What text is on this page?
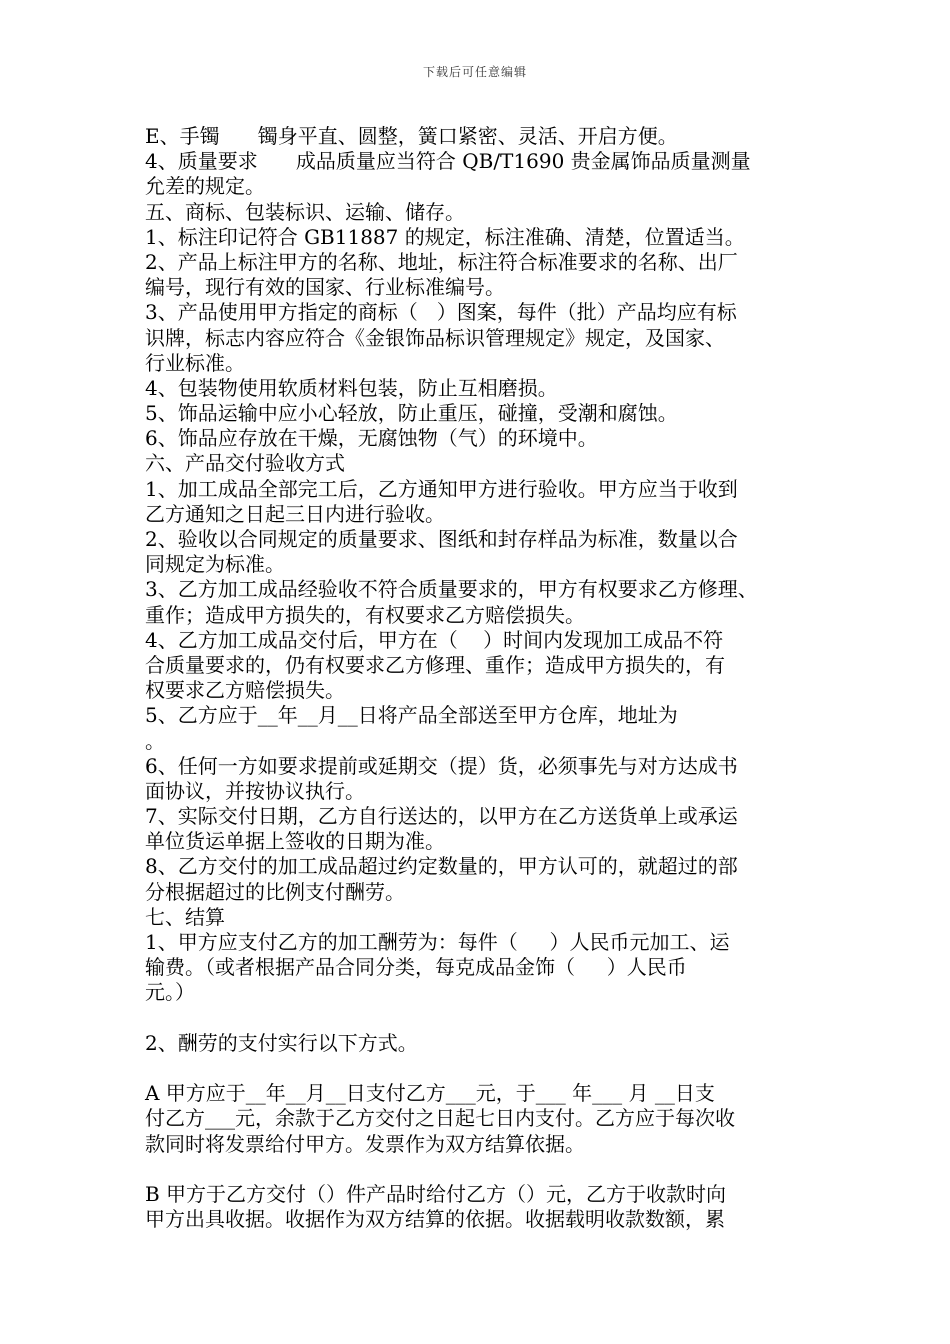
下载后可任意编辑
E、手镯      镯身平直、圆整，簧口紧密、灵活、开启方便。
4、质量要求      成品质量应当符合 QB/T1690 贵金属饰品质量测量
允差的规定。
五、商标、包装标识、运输、储存。
1、标注印记符合 GB11887 的规定，标注准确、清楚，位置适当。
2、产品上标注甲方的名称、地址，标注符合标准要求的名称、出厂
编号，现行有效的国家、行业标准编号。
3、产品使用甲方指定的商标（   ）图案，每件（批）产品均应有标
识牌，标志内容应符合《金银饰品标识管理规定》规定，及国家、
行业标准。
4、包装物使用软质材料包装，防止互相磨损。
5、饰品运输中应小心轻放，防止重压，碰撞，受潮和腐蚀。
6、饰品应存放在干燥，无腐蚀物（气）的环境中。
六、产品交付验收方式
1、加工成品全部完工后，乙方通知甲方进行验收。甲方应当于收到
乙方通知之日起三日内进行验收。
2、验收以合同规定的质量要求、图纸和封存样品为标准，数量以合
同规定为标准。
3、乙方加工成品经验收不符合质量要求的，甲方有权要求乙方修理、
重作；造成甲方损失的，有权要求乙方赔偿损失。
4、乙方加工成品交付后，甲方在（    ）时间内发现加工成品不符
合质量要求的，仍有权要求乙方修理、重作；造成甲方损失的，有
权要求乙方赔偿损失。
5、乙方应于__年__月__日将产品全部送至甲方仓库，地址为
。
6、任何一方如要求提前或延期交（提）货，必须事先与对方达成书
面协议，并按协议执行。
7、实际交付日期，乙方自行送达的，以甲方在乙方送货单上或承运
单位货运单据上签收的日期为准。
8、乙方交付的加工成品超过约定数量的，甲方认可的，就超过的部
分根据超过的比例支付酬劳。
七、结算
1、甲方应支付乙方的加工酬劳为：每件（     ）人民币元加工、运
输费。（或者根据产品合同分类，每克成品金饰（     ）人民币
元。）
2、酬劳的支付实行以下方式。
A 甲方应于__年__月__日支付乙方___元，于___ 年___ 月 __日支
付乙方___元，余款于乙方交付之日起七日内支付。乙方应于每次收
款同时将发票给付甲方。发票作为双方结算依据。
B 甲方于乙方交付（）件产品时给付乙方（）元，乙方于收款时向
甲方出具收据。收据作为双方结算的依据。收据载明收款数额，累
